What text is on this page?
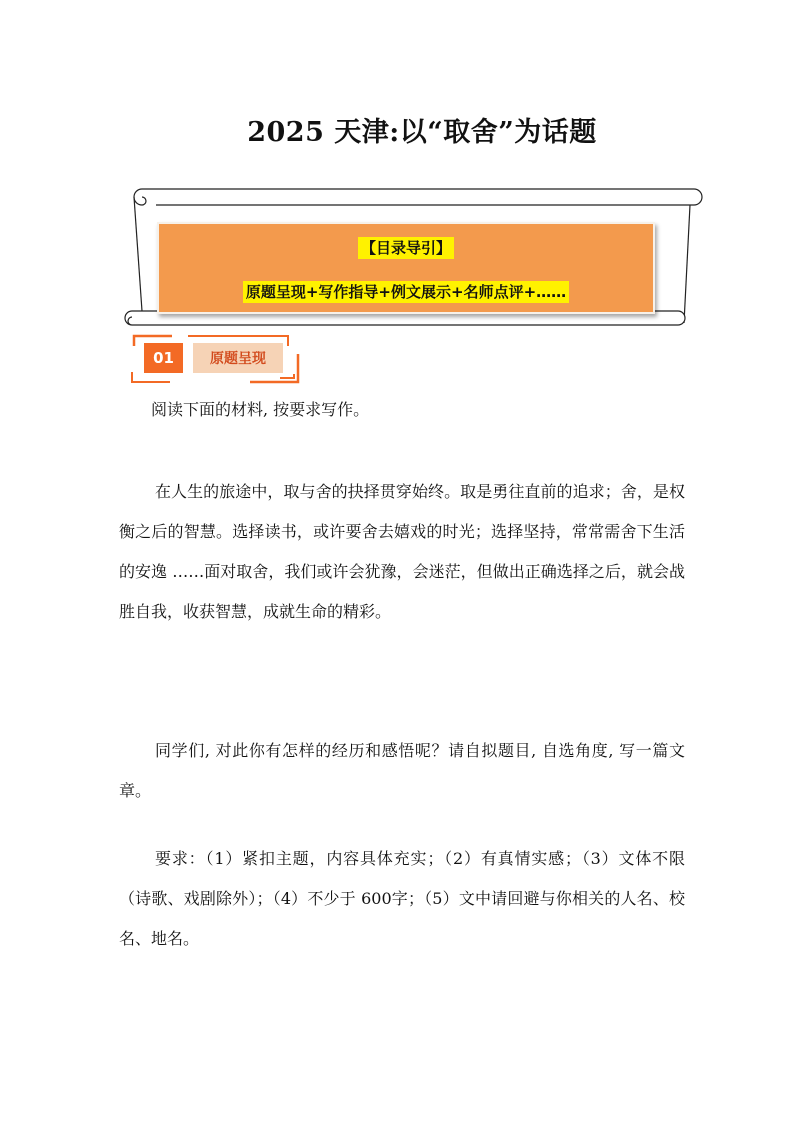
2025 天津:以“取舍”为话题
【目录导引】
原题呈现+写作指导+例文展示+名师点评+……
01	原题呈现

阅读下面的材料, 按要求写作。

在人生的旅途中，取与舍的抉择贯穿始终。取是勇往直前的追求；舍，是权衡之后的智慧。选择读书，或许要舍去嬉戏的时光；选择坚持，常常需舍下生活的安逸 ……面对取舍，我们或许会犹豫，会迷茫，但做出正确选择之后，就会战胜自我，收获智慧，成就生命的精彩。

同学们, 对此你有怎样的经历和感悟呢？请自拟题目, 自选角度, 写一篇文章。

要求：（1）紧扣主题，内容具体充实；（2）有真情实感；（3）文体不限（诗歌、戏剧除外）；（4）不少于 600字；（5）文中请回避与你相关的人名、校名、地名。
